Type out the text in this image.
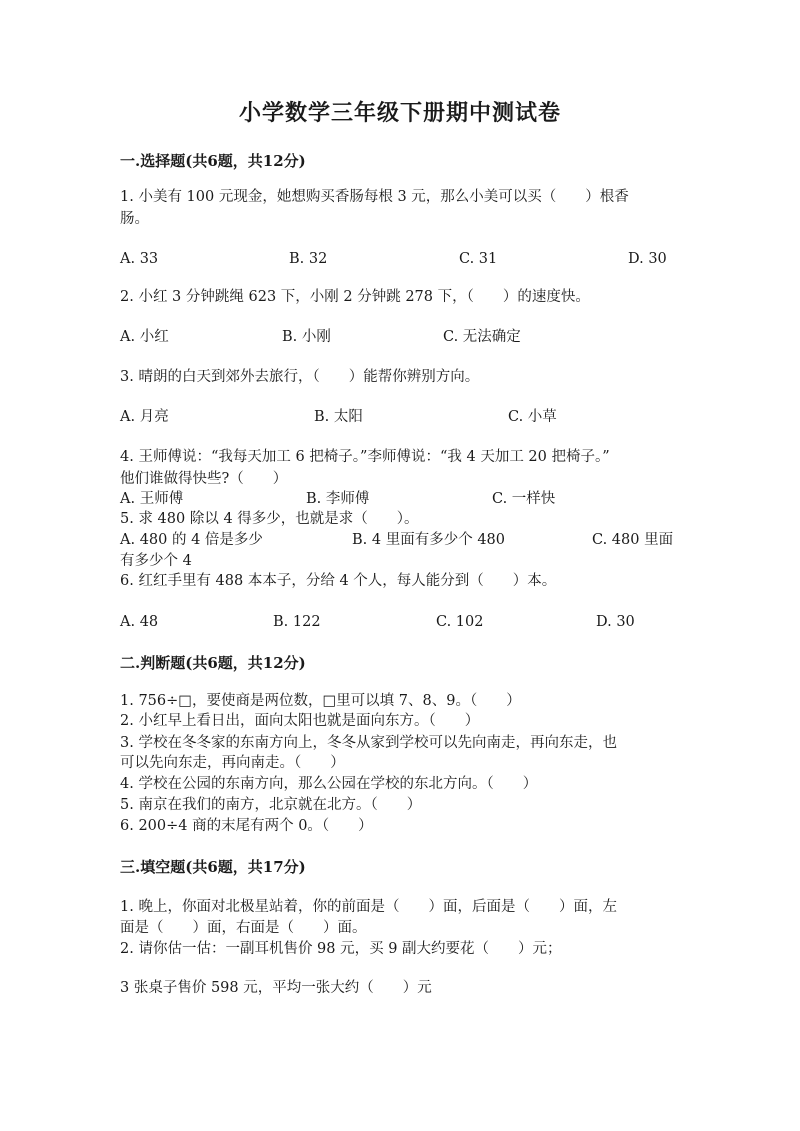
小学数学三年级下册期中测试卷
一.选择题(共6题，共12分)
1. 小美有 100 元现金，她想购买香肠每根 3 元，那么小美可以买（　　）根香
肠。
A. 33	B. 32	C. 31	D. 30
2. 小红 3 分钟跳绳 623 下，小刚 2 分钟跳 278 下，（　　）的速度快。
A. 小红	B. 小刚	C. 无法确定
3. 晴朗的白天到郊外去旅行，（　　）能帮你辨别方向。
A. 月亮	B. 太阳	C. 小草
4. 王师傅说：“我每天加工 6 把椅子。”李师傅说：“我 4 天加工 20 把椅子。”
他们谁做得快些?（　　）
A. 王师傅	B. 李师傅	C. 一样快
5. 求 480 除以 4 得多少，也就是求（　　）。
A. 480 的 4 倍是多少	B. 4 里面有多少个 480	C. 480 里面
有多少个 4
6. 红红手里有 488 本本子，分给 4 个人，每人能分到（　　）本。
A. 48	B. 122	C. 102	D. 30
二.判断题(共6题，共12分)
1. 756÷□，要使商是两位数，□里可以填 7、8、9。（　　）
2. 小红早上看日出，面向太阳也就是面向东方。（　　）
3. 学校在冬冬家的东南方向上，冬冬从家到学校可以先向南走，再向东走，也
可以先向东走，再向南走。（　　）
4. 学校在公园的东南方向，那么公园在学校的东北方向。（　　）
5. 南京在我们的南方，北京就在北方。（　　）
6. 200÷4 商的末尾有两个 0。（　　）
三.填空题(共6题，共17分)
1. 晚上，你面对北极星站着，你的前面是（　　）面，后面是（　　）面，左
面是（　　）面，右面是（　　）面。
2. 请你估一估：一副耳机售价 98 元，买 9 副大约要花（　　）元；
3 张桌子售价 598 元，平均一张大约（　　）元
